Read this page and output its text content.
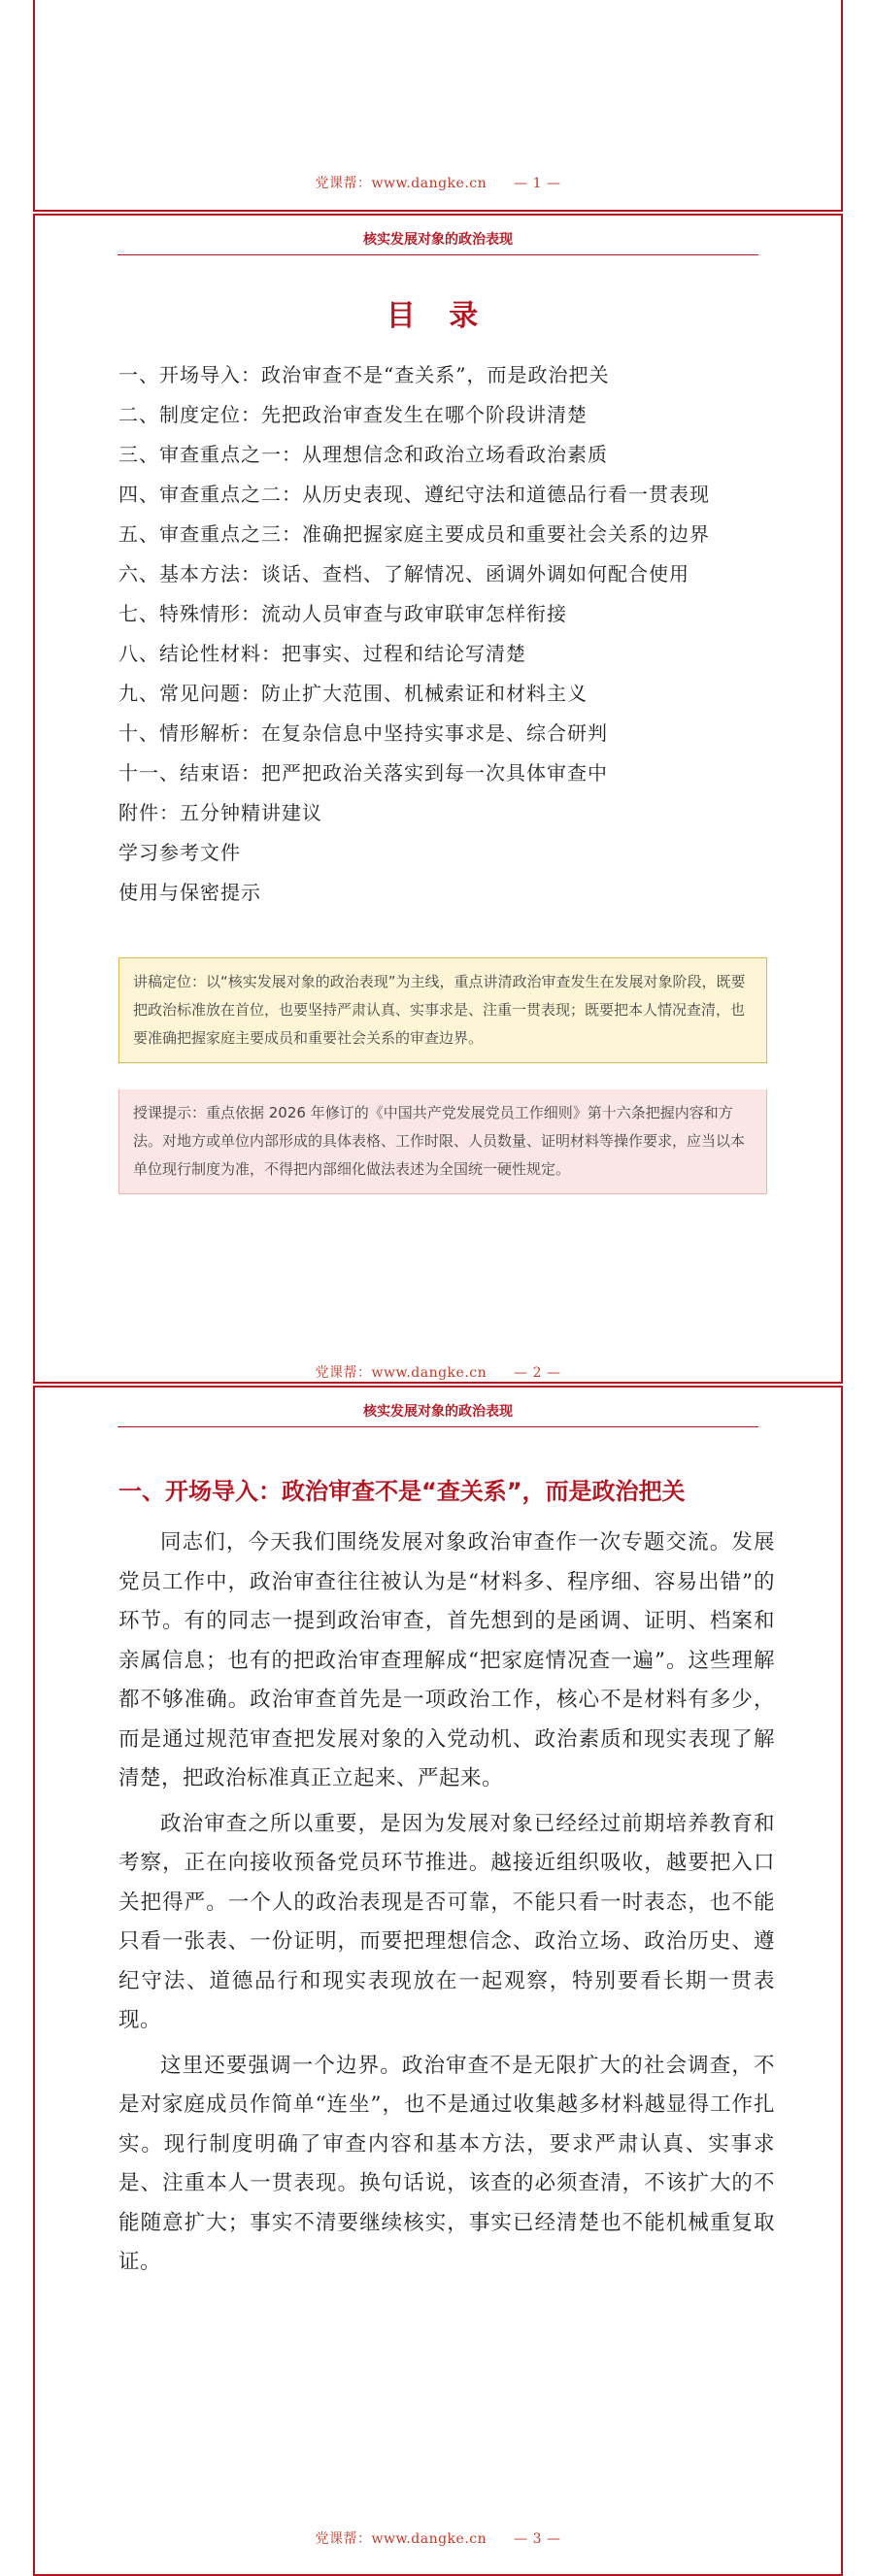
党课帮：www.dangke.cn — 1 —
核实发展对象的政治表现
目 录
一、开场导入：政治审查不是“查关系”，而是政治把关
二、制度定位：先把政治审查发生在哪个阶段讲清楚
三、审查重点之一：从理想信念和政治立场看政治素质
四、审查重点之二：从历史表现、遵纪守法和道德品行看一贯表现
五、审查重点之三：准确把握家庭主要成员和重要社会关系的边界
六、基本方法：谈话、查档、了解情况、函调外调如何配合使用
七、特殊情形：流动人员审查与政审联审怎样衔接
八、结论性材料：把事实、过程和结论写清楚
九、常见问题：防止扩大范围、机械索证和材料主义
十、情形解析：在复杂信息中坚持实事求是、综合研判
十一、结束语：把严把政治关落实到每一次具体审查中
附件：五分钟精讲建议
学习参考文件
使用与保密提示
讲稿定位：以“核实发展对象的政治表现”为主线，重点讲清政治审查发生在发展对象阶段，既要把政治标准放在首位，也要坚持严肃认真、实事求是、注重一贯表现；既要把本人情况查清，也要准确把握家庭主要成员和重要社会关系的审查边界。
授课提示：重点依据 2026 年修订的《中国共产党发展党员工作细则》第十六条把握内容和方法。对地方或单位内部形成的具体表格、工作时限、人员数量、证明材料等操作要求，应当以本单位现行制度为准，不得把内部细化做法表述为全国统一硬性规定。
党课帮：www.dangke.cn — 2 —
核实发展对象的政治表现
一、开场导入：政治审查不是“查关系”，而是政治把关

同志们，今天我们围绕发展对象政治审查作一次专题交流。发展党员工作中，政治审查往往被认为是“材料多、程序细、容易出错”的环节。有的同志一提到政治审查，首先想到的是函调、证明、档案和亲属信息；也有的把政治审查理解成“把家庭情况查一遍”。这些理解都不够准确。政治审查首先是一项政治工作，核心不是材料有多少，而是通过规范审查把发展对象的入党动机、政治素质和现实表现了解清楚，把政治标准真正立起来、严起来。

政治审查之所以重要，是因为发展对象已经经过前期培养教育和考察，正在向接收预备党员环节推进。越接近组织吸收，越要把入口关把得严。一个人的政治表现是否可靠，不能只看一时表态，也不能只看一张表、一份证明，而要把理想信念、政治立场、政治历史、遵纪守法、道德品行和现实表现放在一起观察，特别要看长期一贯表现。

这里还要强调一个边界。政治审查不是无限扩大的社会调查，不是对家庭成员作简单“连坐”，也不是通过收集越多材料越显得工作扎实。现行制度明确了审查内容和基本方法，要求严肃认真、实事求是、注重本人一贯表现。换句话说，该查的必须查清，不该扩大的不能随意扩大；事实不清要继续核实，事实已经清楚也不能机械重复取证。

党课帮：www.dangke.cn — 3 —
